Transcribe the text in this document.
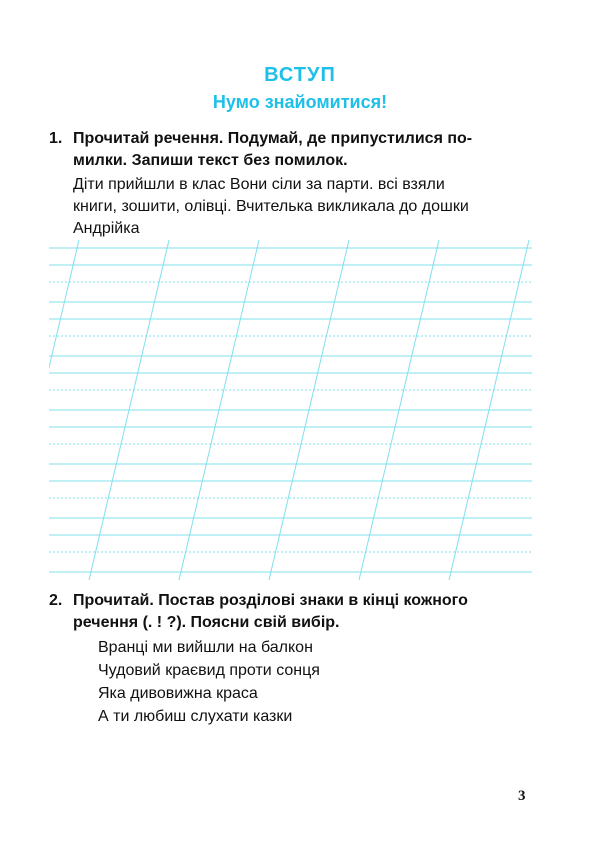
ВСТУП
Нумо знайомитися!
1. Прочитай речення. Подумай, де припустилися по-
милки. Запиши текст без помилок.

Діти прийшли в клас Вони сіли за парти. всі взяли

книги, зошити, олівці. Вчителька викликала до дошки

Андрійка

2. Прочитай. Постав розділові знаки в кінці кожного
речення (. ! ?). Поясни свій вибір.
Вранці ми вийшли на балкон
Чудовий краєвид проти сонця
Яка дивовижна краса
А ти любиш слухати казки
3
